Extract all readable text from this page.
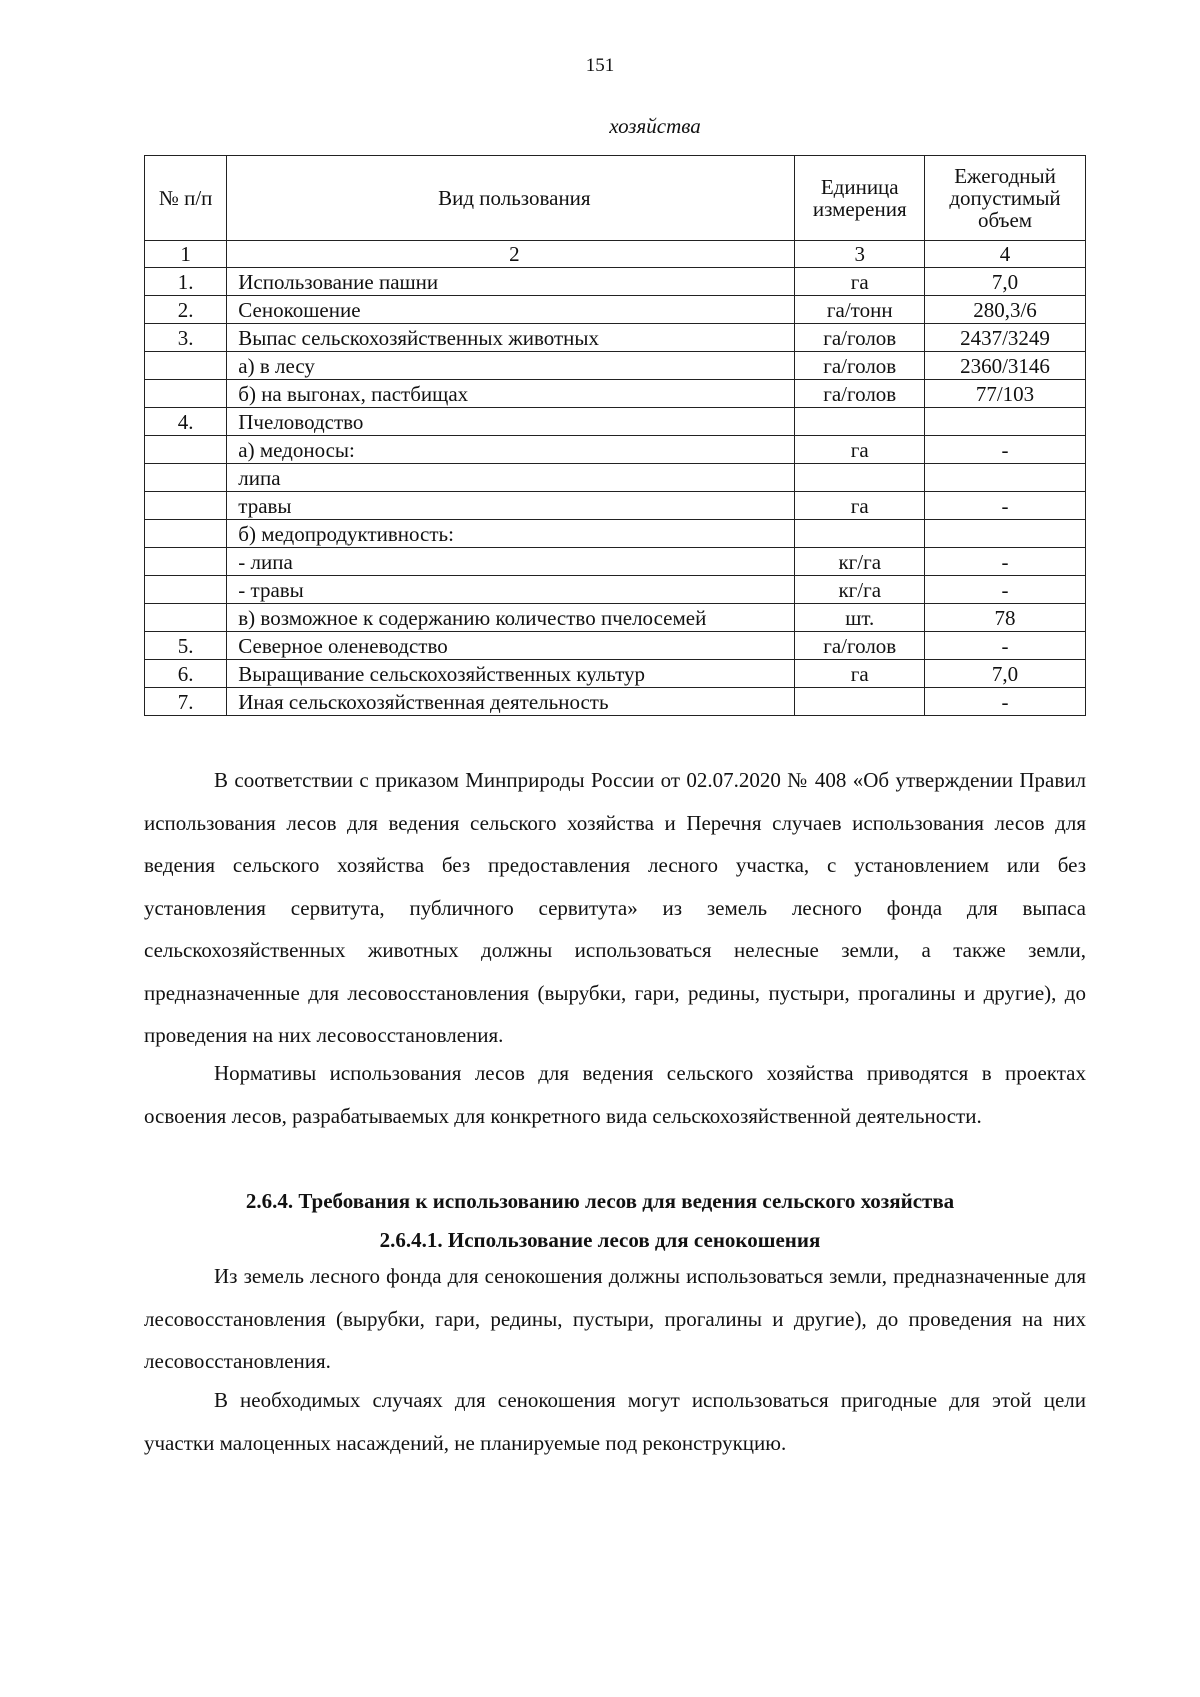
151
хозяйства
№ п/п	Вид пользования	Единица измерения	Ежегодный допустимый объем
1	2	3	4
1.	Использование пашни	га	7,0
2.	Сенокошение	га/тонн	280,3/6
3.	Выпас сельскохозяйственных животных	га/голов	2437/3249
	а) в лесу	га/голов	2360/3146
	б) на выгонах, пастбищах	га/голов	77/103
4.	Пчеловодство		
	а) медоносы:	га	-
	липа		
	травы	га	-
	б) медопродуктивность:		
	- липа	кг/га	-
	- травы	кг/га	-
	в) возможное к содержанию количество пчелосемей	шт.	78
5.	Северное оленеводство	га/голов	-
6.	Выращивание сельскохозяйственных культур	га	7,0
7.	Иная сельскохозяйственная деятельность		-

В соответствии с приказом Минприроды России от 02.07.2020 № 408 «Об утверждении Правил использования лесов для ведения сельского хозяйства и Перечня случаев использования лесов для ведения сельского хозяйства без предоставления лесного участка, с установлением или без установления сервитута, публичного сервитута» из земель лесного фонда для выпаса сельскохозяйственных животных должны использоваться нелесные земли, а также земли, предназначенные для лесовосстановления (вырубки, гари, редины, пустыри, прогалины и другие), до проведения на них лесовосстановления.

Нормативы использования лесов для ведения сельского хозяйства приводятся в проектах освоения лесов, разрабатываемых для конкретного вида сельскохозяйственной деятельности.

2.6.4. Требования к использованию лесов для ведения сельского хозяйства
2.6.4.1. Использование лесов для сенокошения

Из земель лесного фонда для сенокошения должны использоваться земли, предназначенные для лесовосстановления (вырубки, гари, редины, пустыри, прогалины и другие), до проведения на них лесовосстановления.

В необходимых случаях для сенокошения могут использоваться пригодные для этой цели участки малоценных насаждений, не планируемые под реконструкцию.
